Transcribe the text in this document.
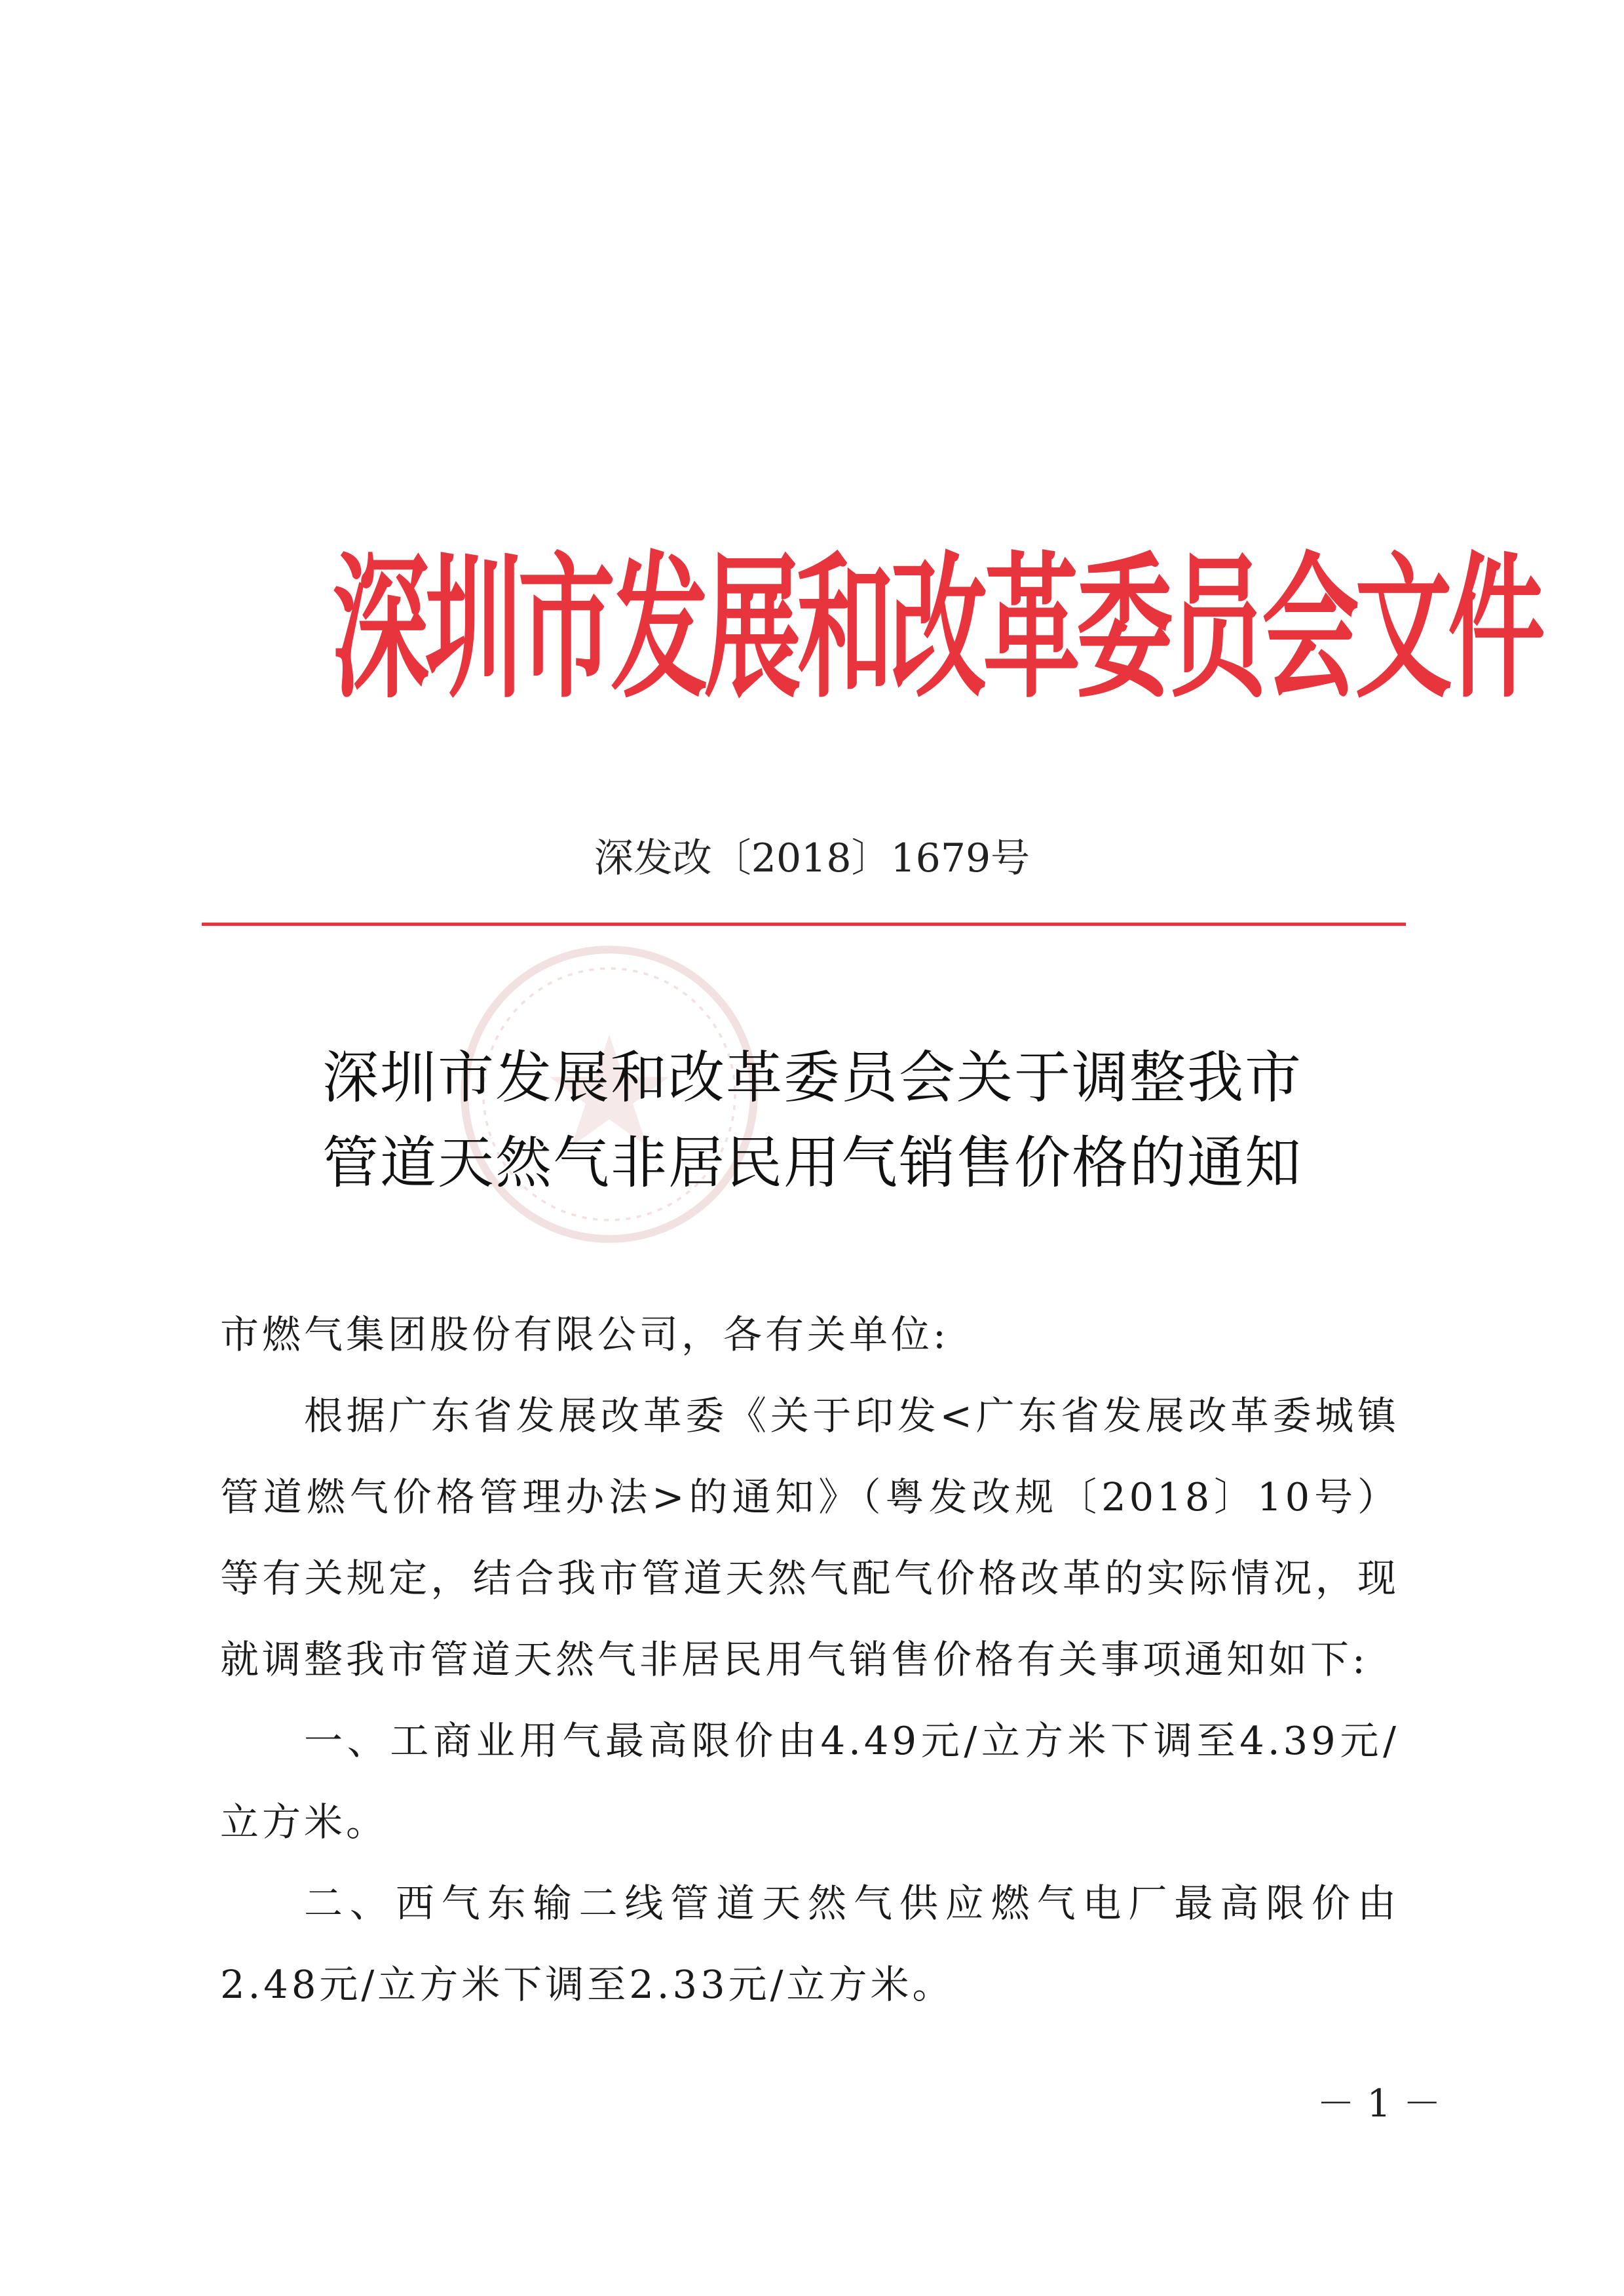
深圳市发展和改革委员会文件
深发改〔2018〕1679号
深圳市发展和改革委员会关于调整我市
管道天然气非居民用气销售价格的通知

市燃气集团股份有限公司，各有关单位:

根据广东省发展改革委《关于印发<广东省发展改革委城镇管道燃气价格管理办法>的通知》（粤发改规〔2018〕10号）等有关规定，结合我市管道天然气配气价格改革的实际情况，现就调整我市管道天然气非居民用气销售价格有关事项通知如下:

一、工商业用气最高限价由4.49元/立方米下调至4.39元/立方米。

二、西气东输二线管道天然气供应燃气电厂最高限价由2.48元/立方米下调至2.33元/立方米。

－ 1 －
